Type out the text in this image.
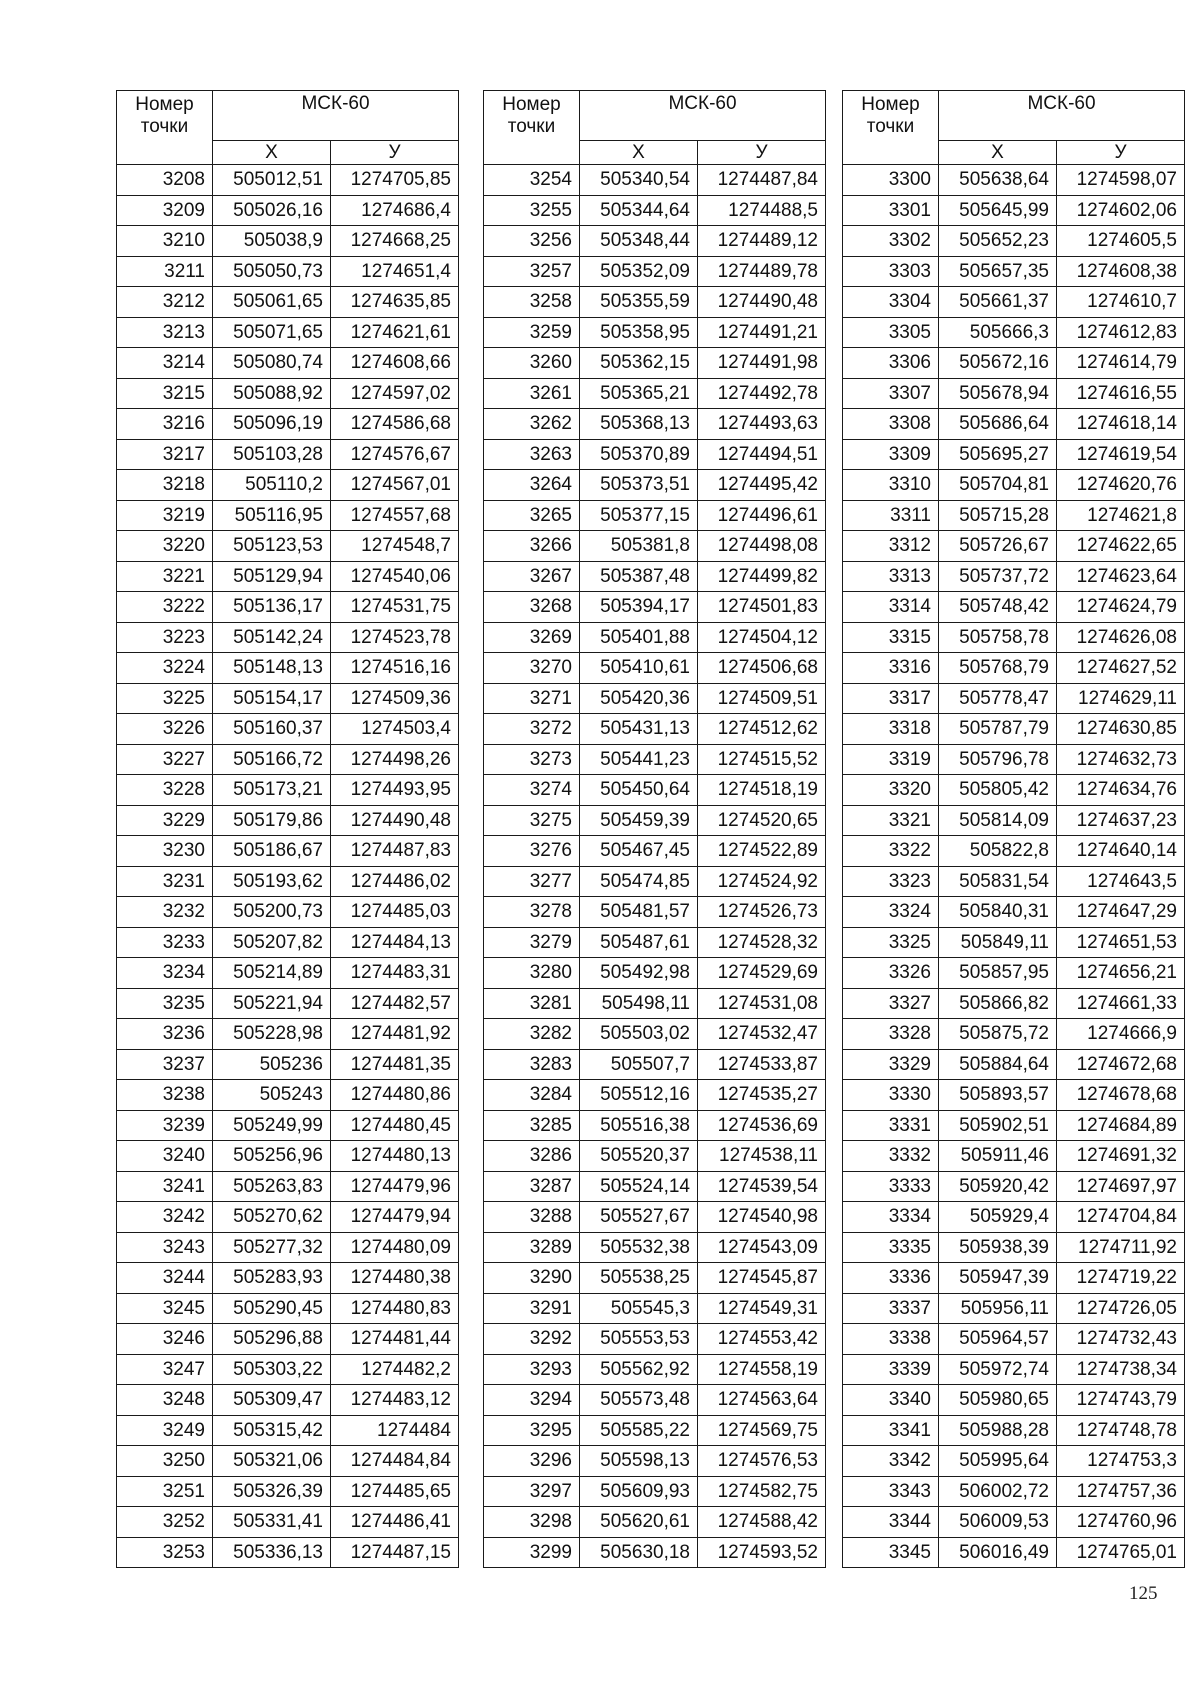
Номер
точки	МСК-60	
	Х	У
3208	505012,51	1274705,85
3209	505026,16	1274686,4
3210	505038,9	1274668,25
3211	505050,73	1274651,4
3212	505061,65	1274635,85
3213	505071,65	1274621,61
3214	505080,74	1274608,66
3215	505088,92	1274597,02
3216	505096,19	1274586,68
3217	505103,28	1274576,67
3218	505110,2	1274567,01
3219	505116,95	1274557,68
3220	505123,53	1274548,7
3221	505129,94	1274540,06
3222	505136,17	1274531,75
3223	505142,24	1274523,78
3224	505148,13	1274516,16
3225	505154,17	1274509,36
3226	505160,37	1274503,4
3227	505166,72	1274498,26
3228	505173,21	1274493,95
3229	505179,86	1274490,48
3230	505186,67	1274487,83
3231	505193,62	1274486,02
3232	505200,73	1274485,03
3233	505207,82	1274484,13
3234	505214,89	1274483,31
3235	505221,94	1274482,57
3236	505228,98	1274481,92
3237	505236	1274481,35
3238	505243	1274480,86
3239	505249,99	1274480,45
3240	505256,96	1274480,13
3241	505263,83	1274479,96
3242	505270,62	1274479,94
3243	505277,32	1274480,09
3244	505283,93	1274480,38
3245	505290,45	1274480,83
3246	505296,88	1274481,44
3247	505303,22	1274482,2
3248	505309,47	1274483,12
3249	505315,42	1274484
3250	505321,06	1274484,84
3251	505326,39	1274485,65
3252	505331,41	1274486,41
3253	505336,13	1274487,15
Номер
точки	МСК-60	
	Х	У
3254	505340,54	1274487,84
3255	505344,64	1274488,5
3256	505348,44	1274489,12
3257	505352,09	1274489,78
3258	505355,59	1274490,48
3259	505358,95	1274491,21
3260	505362,15	1274491,98
3261	505365,21	1274492,78
3262	505368,13	1274493,63
3263	505370,89	1274494,51
3264	505373,51	1274495,42
3265	505377,15	1274496,61
3266	505381,8	1274498,08
3267	505387,48	1274499,82
3268	505394,17	1274501,83
3269	505401,88	1274504,12
3270	505410,61	1274506,68
3271	505420,36	1274509,51
3272	505431,13	1274512,62
3273	505441,23	1274515,52
3274	505450,64	1274518,19
3275	505459,39	1274520,65
3276	505467,45	1274522,89
3277	505474,85	1274524,92
3278	505481,57	1274526,73
3279	505487,61	1274528,32
3280	505492,98	1274529,69
3281	505498,11	1274531,08
3282	505503,02	1274532,47
3283	505507,7	1274533,87
3284	505512,16	1274535,27
3285	505516,38	1274536,69
3286	505520,37	1274538,11
3287	505524,14	1274539,54
3288	505527,67	1274540,98
3289	505532,38	1274543,09
3290	505538,25	1274545,87
3291	505545,3	1274549,31
3292	505553,53	1274553,42
3293	505562,92	1274558,19
3294	505573,48	1274563,64
3295	505585,22	1274569,75
3296	505598,13	1274576,53
3297	505609,93	1274582,75
3298	505620,61	1274588,42
3299	505630,18	1274593,52
Номер
точки	МСК-60	
	Х	У
3300	505638,64	1274598,07
3301	505645,99	1274602,06
3302	505652,23	1274605,5
3303	505657,35	1274608,38
3304	505661,37	1274610,7
3305	505666,3	1274612,83
3306	505672,16	1274614,79
3307	505678,94	1274616,55
3308	505686,64	1274618,14
3309	505695,27	1274619,54
3310	505704,81	1274620,76
3311	505715,28	1274621,8
3312	505726,67	1274622,65
3313	505737,72	1274623,64
3314	505748,42	1274624,79
3315	505758,78	1274626,08
3316	505768,79	1274627,52
3317	505778,47	1274629,11
3318	505787,79	1274630,85
3319	505796,78	1274632,73
3320	505805,42	1274634,76
3321	505814,09	1274637,23
3322	505822,8	1274640,14
3323	505831,54	1274643,5
3324	505840,31	1274647,29
3325	505849,11	1274651,53
3326	505857,95	1274656,21
3327	505866,82	1274661,33
3328	505875,72	1274666,9
3329	505884,64	1274672,68
3330	505893,57	1274678,68
3331	505902,51	1274684,89
3332	505911,46	1274691,32
3333	505920,42	1274697,97
3334	505929,4	1274704,84
3335	505938,39	1274711,92
3336	505947,39	1274719,22
3337	505956,11	1274726,05
3338	505964,57	1274732,43
3339	505972,74	1274738,34
3340	505980,65	1274743,79
3341	505988,28	1274748,78
3342	505995,64	1274753,3
3343	506002,72	1274757,36
3344	506009,53	1274760,96
3345	506016,49	1274765,01
125
